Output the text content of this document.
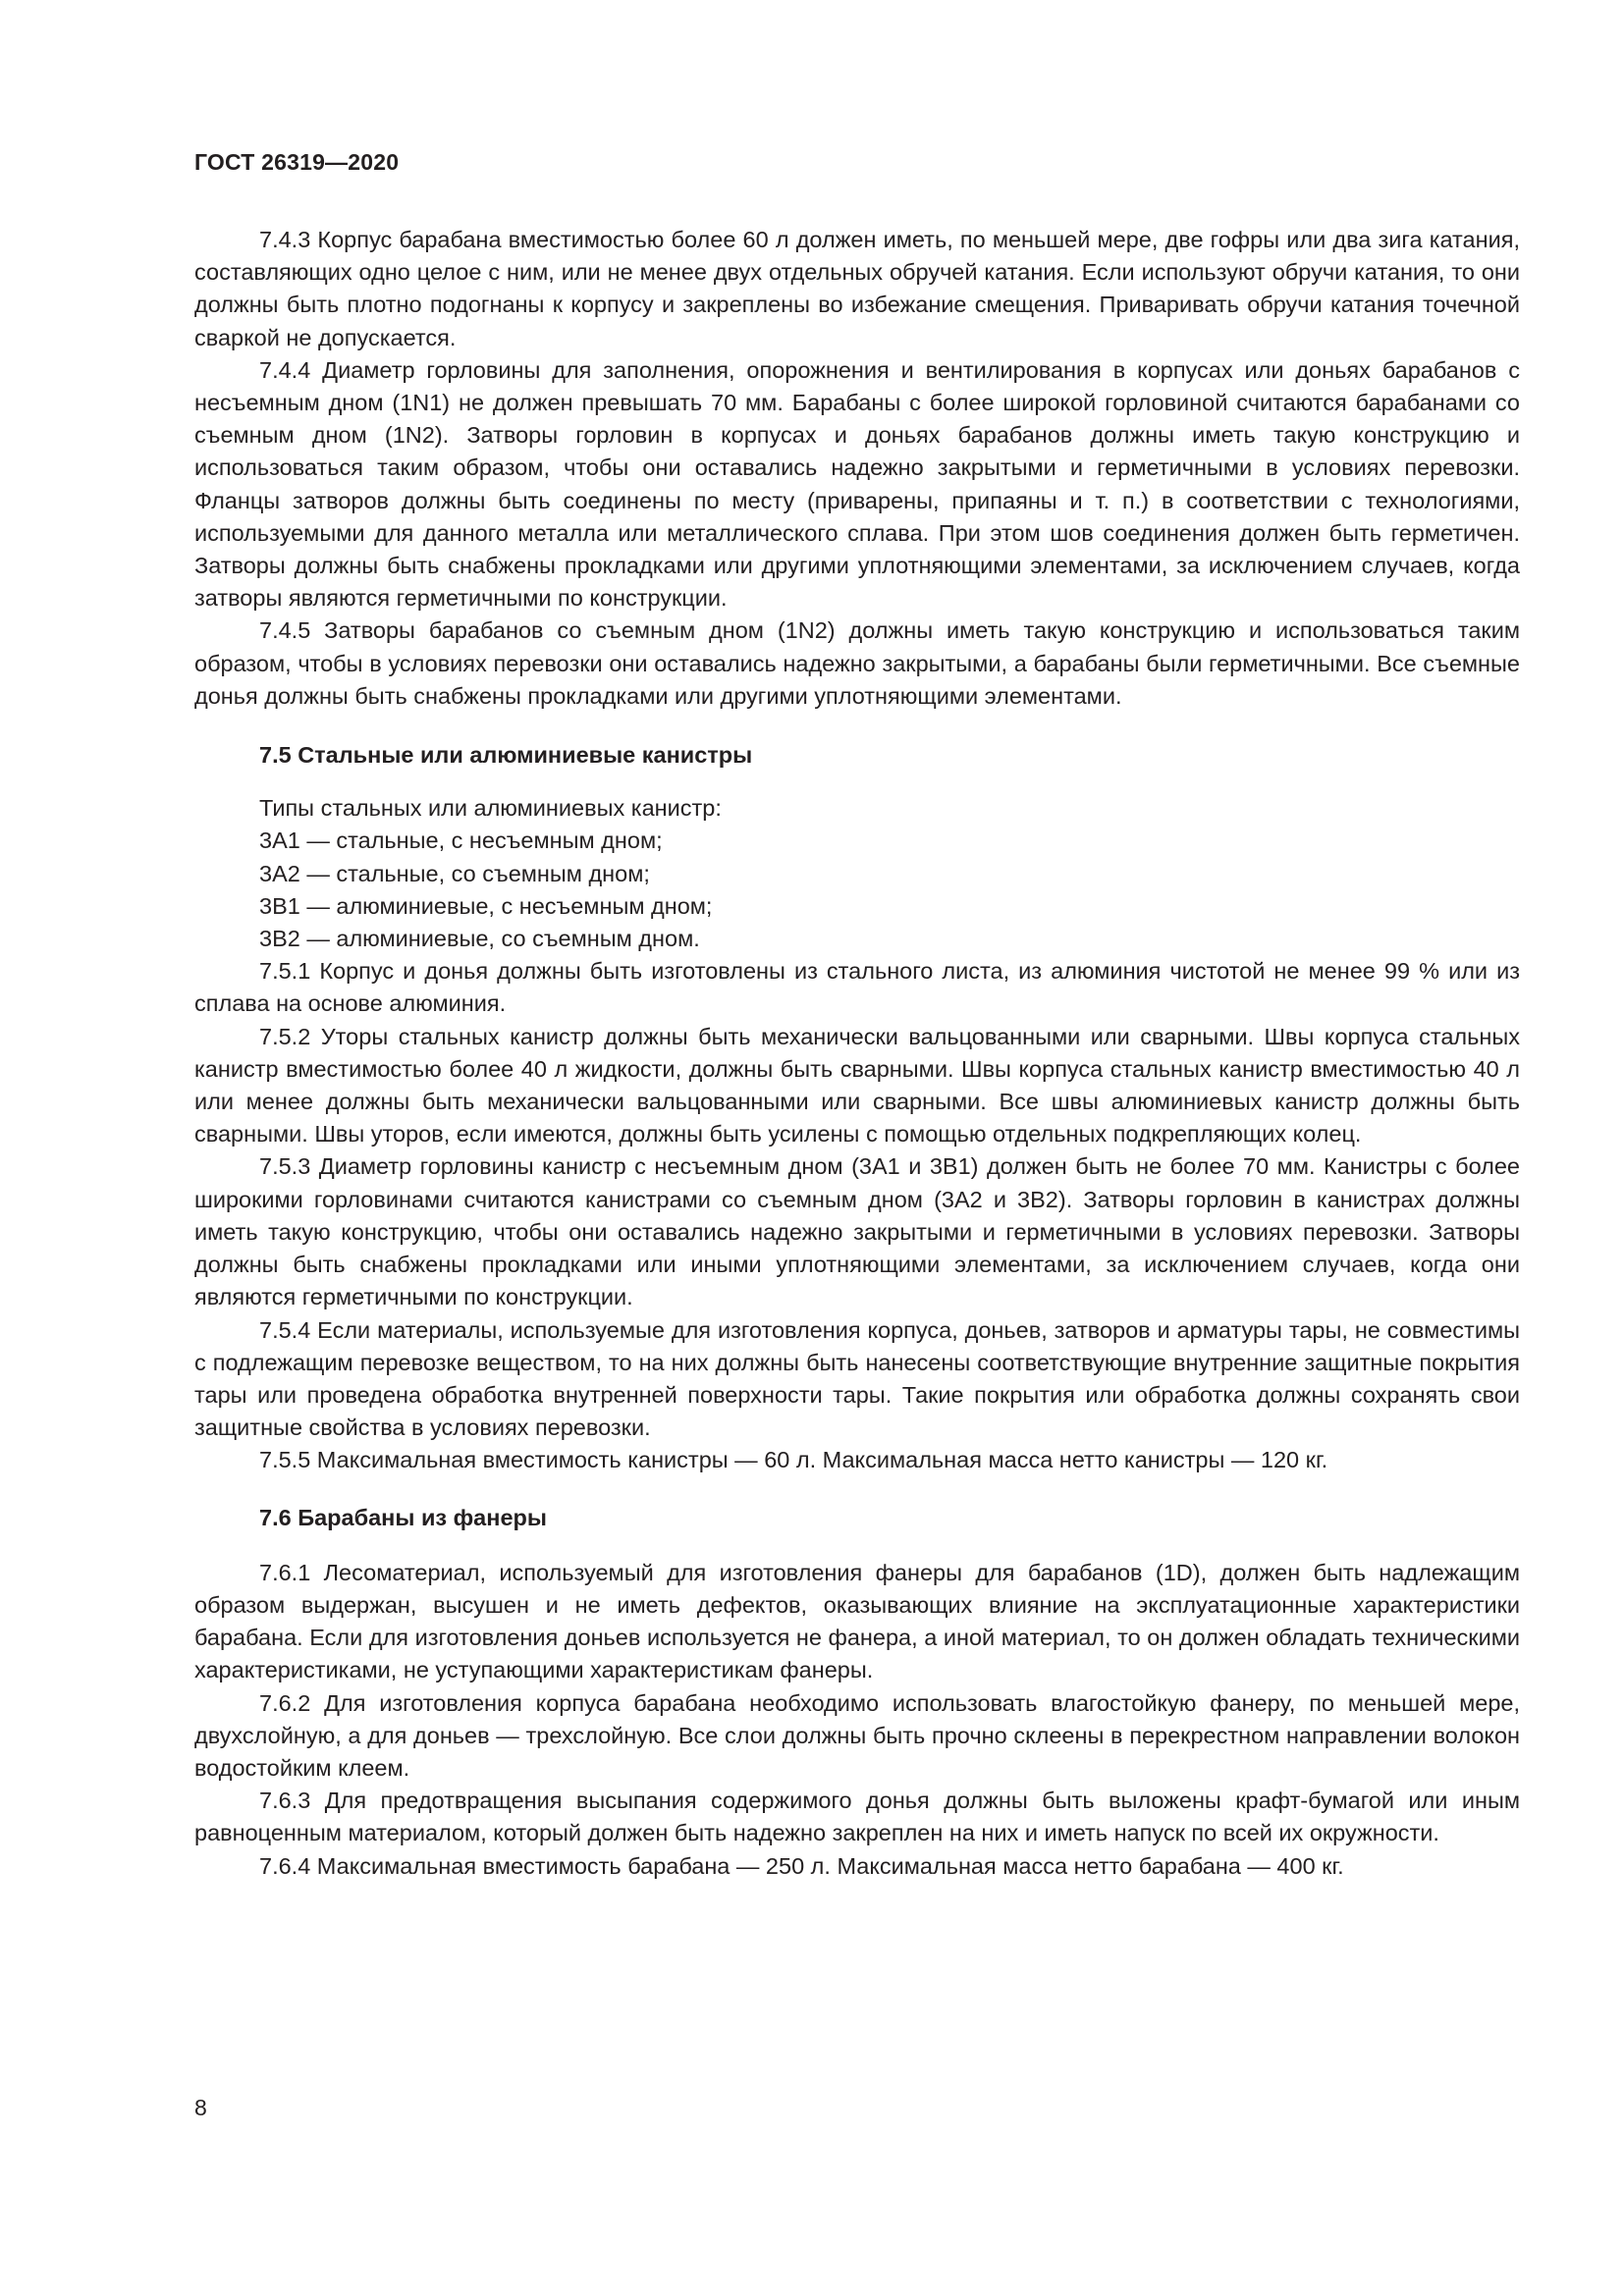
ГОСТ 26319—2020

7.4.3 Корпус барабана вместимостью более 60 л должен иметь, по меньшей мере, две гофры или два зига катания, составляющих одно целое с ним, или не менее двух отдельных обручей катания. Если используют обручи катания, то они должны быть плотно подогнаны к корпусу и закреплены во избежание смещения. Приваривать обручи катания точечной сваркой не допускается.

7.4.4 Диаметр горловины для заполнения, опорожнения и вентилирования в корпусах или доньях барабанов с несъемным дном (1N1) не должен превышать 70 мм. Барабаны с более широкой горловиной считаются барабанами со съемным дном (1N2). Затворы горловин в корпусах и доньях барабанов должны иметь такую конструкцию и использоваться таким образом, чтобы они оставались надежно закрытыми и герметичными в условиях перевозки. Фланцы затворов должны быть соединены по месту (приварены, припаяны и т. п.) в соответствии с технологиями, используемыми для данного металла или металлического сплава. При этом шов соединения должен быть герметичен. Затворы должны быть снабжены прокладками или другими уплотняющими элементами, за исключением случаев, когда затворы являются герметичными по конструкции.

7.4.5 Затворы барабанов со съемным дном (1N2) должны иметь такую конструкцию и использоваться таким образом, чтобы в условиях перевозки они оставались надежно закрытыми, а барабаны были герметичными. Все съемные донья должны быть снабжены прокладками или другими уплотняющими элементами.

7.5 Стальные или алюминиевые канистры

Типы стальных или алюминиевых канистр:

3А1 — стальные, с несъемным дном;

3А2 — стальные, со съемным дном;

3В1 — алюминиевые, с несъемным дном;

3В2 — алюминиевые, со съемным дном.

7.5.1 Корпус и донья должны быть изготовлены из стального листа, из алюминия чистотой не менее 99 % или из сплава на основе алюминия.

7.5.2 Уторы стальных канистр должны быть механически вальцованными или сварными. Швы корпуса стальных канистр вместимостью более 40 л жидкости, должны быть сварными. Швы корпуса стальных канистр вместимостью 40 л или менее должны быть механически вальцованными или сварными. Все швы алюминиевых канистр должны быть сварными. Швы уторов, если имеются, должны быть усилены с помощью отдельных подкрепляющих колец.

7.5.3 Диаметр горловины канистр с несъемным дном (3А1 и 3В1) должен быть не более 70 мм. Канистры с более широкими горловинами считаются канистрами со съемным дном (3А2 и 3В2). Затворы горловин в канистрах должны иметь такую конструкцию, чтобы они оставались надежно закрытыми и герметичными в условиях перевозки. Затворы должны быть снабжены прокладками или иными уплотняющими элементами, за исключением случаев, когда они являются герметичными по конструкции.

7.5.4 Если материалы, используемые для изготовления корпуса, доньев, затворов и арматуры тары, не совместимы с подлежащим перевозке веществом, то на них должны быть нанесены соответствующие внутренние защитные покрытия тары или проведена обработка внутренней поверхности тары. Такие покрытия или обработка должны сохранять свои защитные свойства в условиях перевозки.

7.5.5 Максимальная вместимость канистры — 60 л. Максимальная масса нетто канистры — 120 кг.

7.6 Барабаны из фанеры

7.6.1 Лесоматериал, используемый для изготовления фанеры для барабанов (1D), должен быть надлежащим образом выдержан, высушен и не иметь дефектов, оказывающих влияние на эксплуатационные характеристики барабана. Если для изготовления доньев используется не фанера, а иной материал, то он должен обладать техническими характеристиками, не уступающими характеристикам фанеры.

7.6.2 Для изготовления корпуса барабана необходимо использовать влагостойкую фанеру, по меньшей мере, двухслойную, а для доньев — трехслойную. Все слои должны быть прочно склеены в перекрестном направлении волокон водостойким клеем.

7.6.3 Для предотвращения высыпания содержимого донья должны быть выложены крафт-бумагой или иным равноценным материалом, который должен быть надежно закреплен на них и иметь напуск по всей их окружности.

7.6.4 Максимальная вместимость барабана — 250 л. Максимальная масса нетто барабана — 400 кг.

8
